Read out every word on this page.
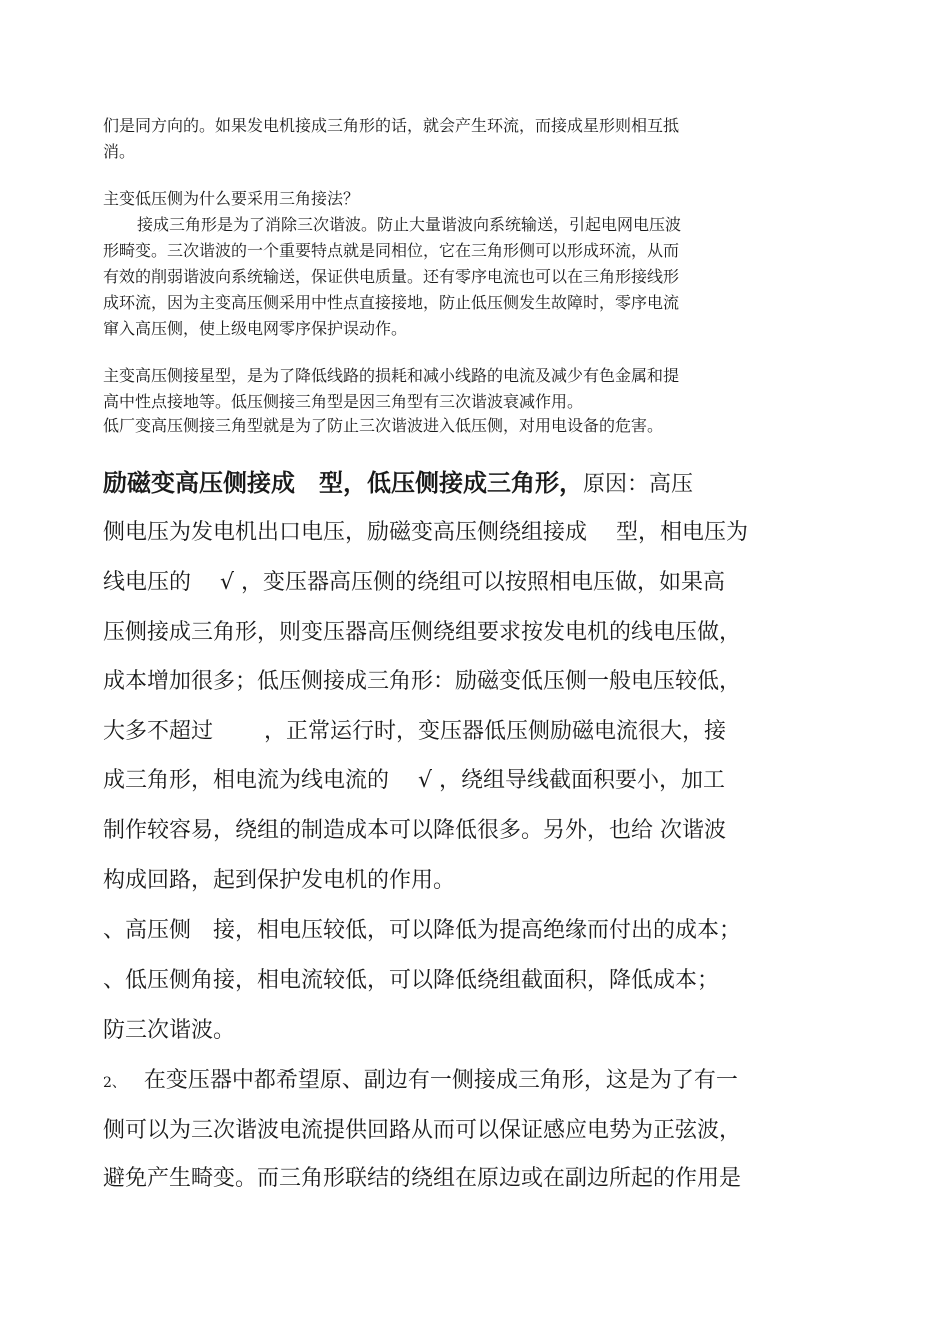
们是同方向的。如果发电机接成三角形的话，就会产生环流，而接成星形则相互抵
消。
主变低压侧为什么要采用三角接法？
接成三角形是为了消除三次谐波。防止大量谐波向系统输送，引起电网电压波
形畸变。三次谐波的一个重要特点就是同相位，它在三角形侧可以形成环流，从而
有效的削弱谐波向系统输送，保证供电质量。还有零序电流也可以在三角形接线形
成环流，因为主变高压侧采用中性点直接接地，防止低压侧发生故障时，零序电流
窜入高压侧，使上级电网零序保护误动作。
主变高压侧接星型，是为了降低线路的损耗和减小线路的电流及减少有色金属和提
高中性点接地等。低压侧接三角型是因三角型有三次谐波衰减作用。
低厂变高压侧接三角型就是为了防止三次谐波进入低压侧，对用电设备的危害。
励磁变高压侧接成　型，低压侧接成三角形，原因：高压
侧电压为发电机出口电压，励磁变高压侧绕组接成　 型，相电压为
线电压的　 √ ，变压器高压侧的绕组可以按照相电压做，如果高
压侧接成三角形，则变压器高压侧绕组要求按发电机的线电压做，
成本增加很多；低压侧接成三角形：励磁变低压侧一般电压较低，
大多不超过　　 ，正常运行时，变压器低压侧励磁电流很大，接
成三角形，相电流为线电流的　 √ ，绕组导线截面积要小，加工
制作较容易，绕组的制造成本可以降低很多。另外，也给 次谐波
构成回路，起到保护发电机的作用。
、高压侧　接，相电压较低，可以降低为提高绝缘而付出的成本；
、低压侧角接，相电流较低，可以降低绕组截面积，降低成本；
防三次谐波。
2、 在变压器中都希望原、副边有一侧接成三角形，这是为了有一
侧可以为三次谐波电流提供回路从而可以保证感应电势为正弦波，
避免产生畸变。而三角形联结的绕组在原边或在副边所起的作用是
